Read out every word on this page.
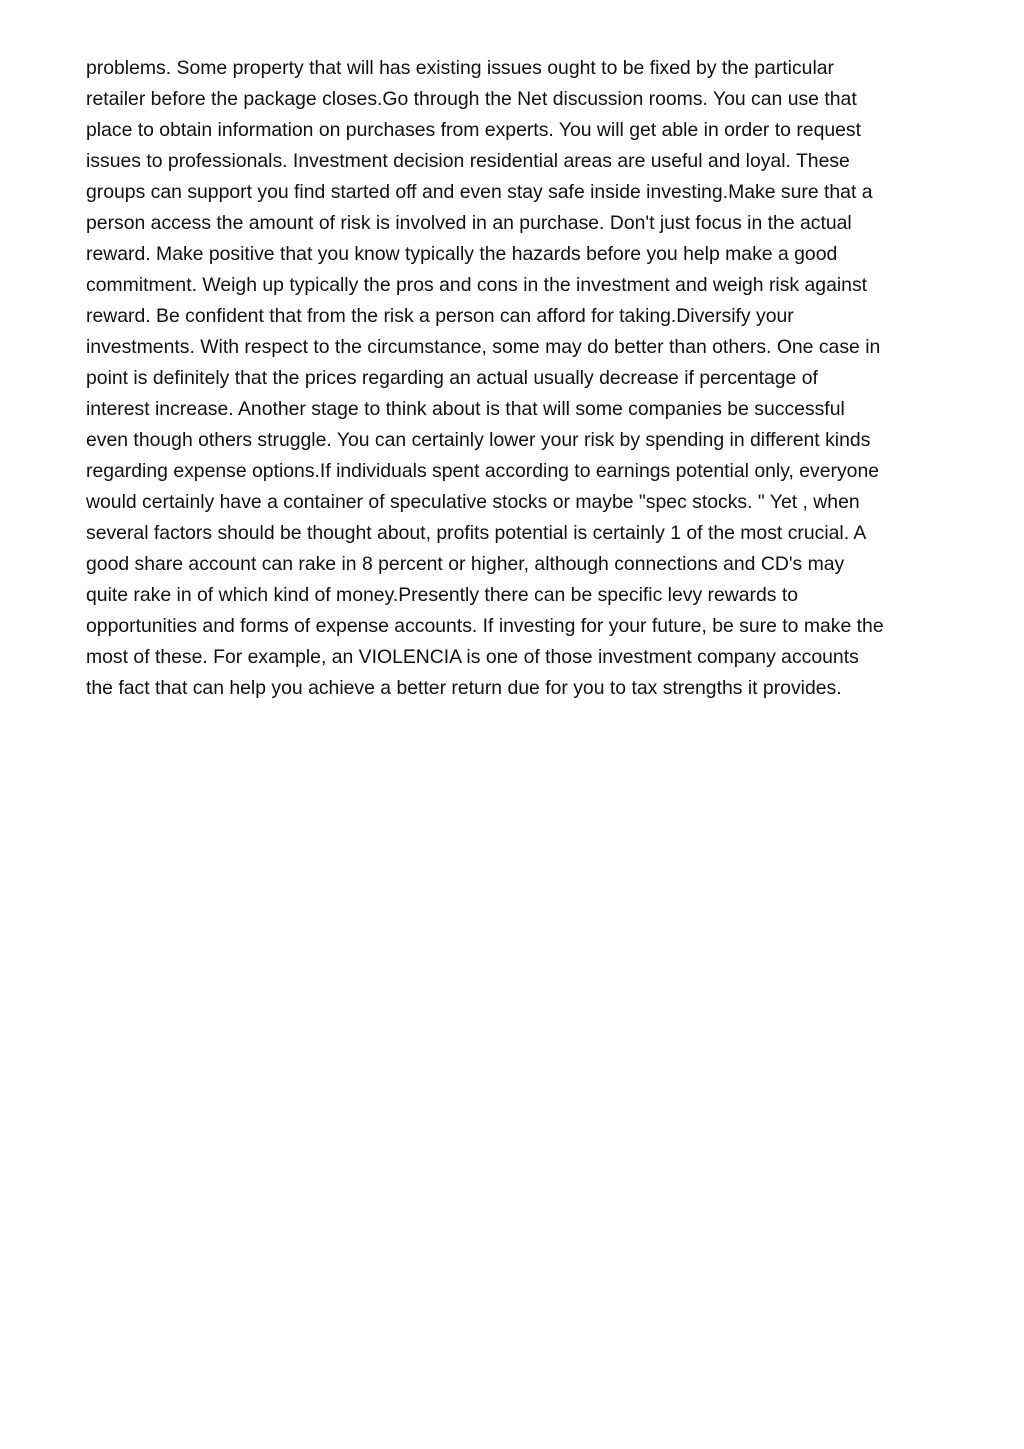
problems. Some property that will has existing issues ought to be fixed by the particular
retailer before the package closes.Go through the Net discussion rooms. You can use that
place to obtain information on purchases from experts. You will get able in order to request
issues to professionals. Investment decision residential areas are useful and loyal. These
groups can support you find started off and even stay safe inside investing.Make sure that a
person access the amount of risk is involved in an purchase. Don't just focus in the actual
reward. Make positive that you know typically the hazards before you help make a good
commitment. Weigh up typically the pros and cons in the investment and weigh risk against
reward. Be confident that from the risk a person can afford for taking.Diversify your
investments. With respect to the circumstance, some may do better than others. One case in
point is definitely that the prices regarding an actual usually decrease if percentage of
interest increase. Another stage to think about is that will some companies be successful
even though others struggle. You can certainly lower your risk by spending in different kinds
regarding expense options.If individuals spent according to earnings potential only, everyone
would certainly have a container of speculative stocks or maybe "spec stocks. " Yet , when
several factors should be thought about, profits potential is certainly 1 of the most crucial. A
good share account can rake in 8 percent or higher, although connections and CD's may
quite rake in of which kind of money.Presently there can be specific levy rewards to
opportunities and forms of expense accounts. If investing for your future, be sure to make the
most of these. For example, an VIOLENCIA is one of those investment company accounts
the fact that can help you achieve a better return due for you to tax strengths it provides.
